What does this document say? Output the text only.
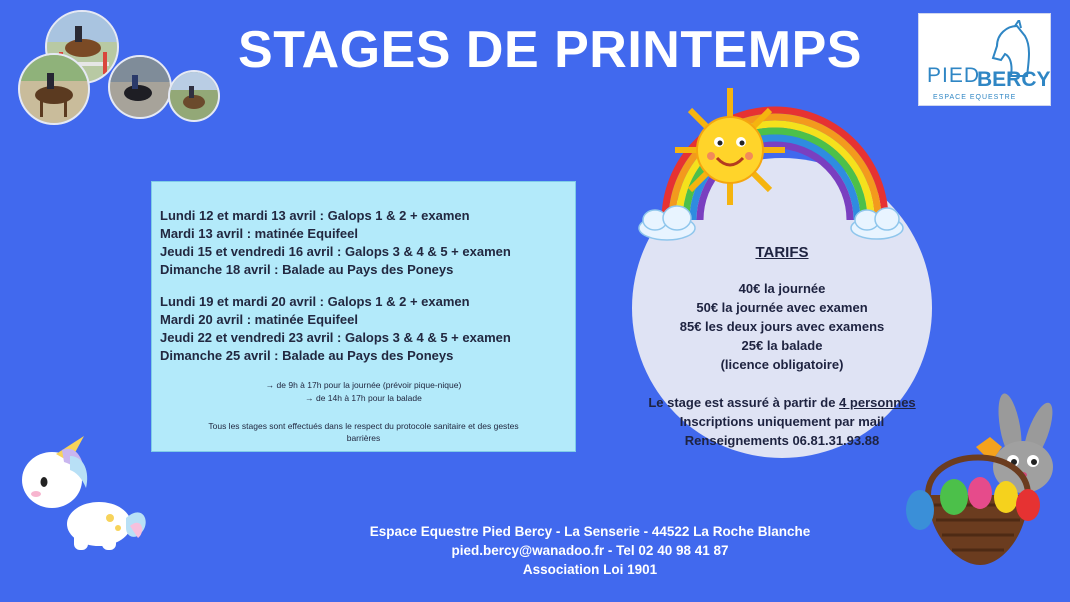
STAGES DE PRINTEMPS	PIED
BERCY
ESPACE EQUESTRE
Lundi 12 et mardi 13 avril : Galops 1 & 2 + examen
Mardi 13 avril : matinée Equifeel
Jeudi 15 et vendredi 16 avril : Galops 3 & 4 & 5 + examen
Dimanche 18 avril : Balade au Pays des Poneys
Lundi 19 et mardi 20 avril : Galops 1 & 2 + examen
Mardi 20 avril : matinée Equifeel
Jeudi 22 et vendredi 23 avril : Galops 3 & 4 & 5 + examen
Dimanche 25 avril : Balade au Pays des Poneys
→ de 9h à 17h pour la journée (prévoir pique-nique)
→ de 14h à 17h pour la balade
Tous les stages sont effectués dans le respect du protocole sanitaire et des gestes
barrières
TARIFS
40€ la journée
50€ la journée avec examen
85€ les deux jours avec examens
25€ la balade
(licence obligatoire)
Le stage est assuré à partir de 4 personnes
Inscriptions uniquement par mail
Renseignements 06.81.31.93.88
Espace Equestre Pied Bercy - La Senserie - 44522 La Roche Blanche
pied.bercy@wanadoo.fr - Tel 02 40 98 41 87
Association Loi 1901
